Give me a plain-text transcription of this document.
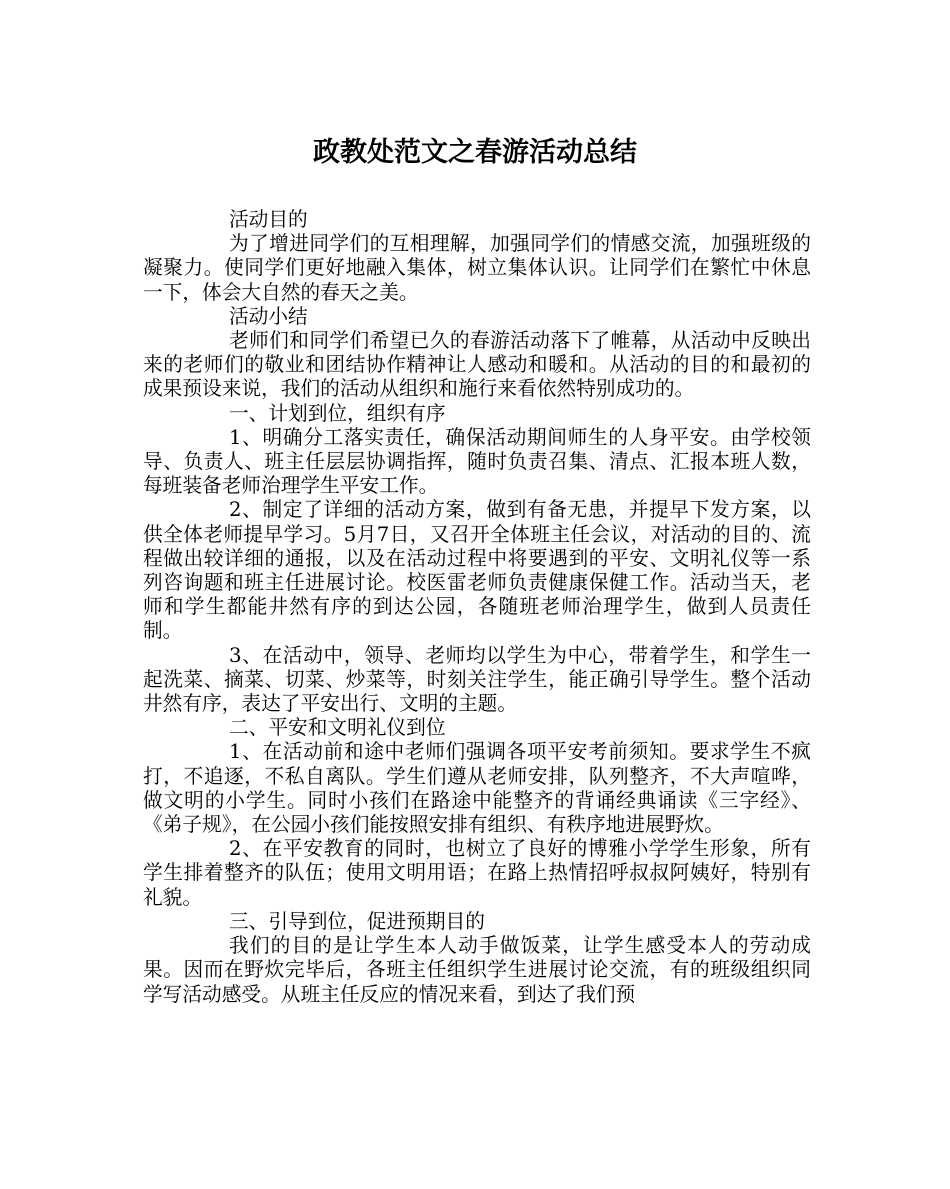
政教处范文之春游活动总结

活动目的

为了增进同学们的互相理解，加强同学们的情感交流，加强班级的凝聚力。使同学们更好地融入集体，树立集体认识。让同学们在繁忙中休息一下，体会大自然的春天之美。

活动小结

老师们和同学们希望已久的春游活动落下了帷幕，从活动中反映出来的老师们的敬业和团结协作精神让人感动和暖和。从活动的目的和最初的成果预设来说，我们的活动从组织和施行来看依然特别成功的。

一、计划到位，组织有序

1、明确分工落实责任，确保活动期间师生的人身平安。由学校领导、负责人、班主任层层协调指挥，随时负责召集、清点、汇报本班人数，每班装备老师治理学生平安工作。

2、制定了详细的活动方案，做到有备无患，并提早下发方案，以供全体老师提早学习。5月7日，又召开全体班主任会议，对活动的目的、流程做出较详细的通报，以及在活动过程中将要遇到的平安、文明礼仪等一系列咨询题和班主任进展讨论。校医雷老师负责健康保健工作。活动当天，老师和学生都能井然有序的到达公园，各随班老师治理学生，做到人员责任制。

3、在活动中，领导、老师均以学生为中心，带着学生，和学生一起洗菜、摘菜、切菜、炒菜等，时刻关注学生，能正确引导学生。整个活动井然有序，表达了平安出行、文明的主题。

二、平安和文明礼仪到位

1、在活动前和途中老师们强调各项平安考前须知。要求学生不疯打，不追逐，不私自离队。学生们遵从老师安排，队列整齐，不大声喧哗，做文明的小学生。同时小孩们在路途中能整齐的背诵经典诵读《三字经》、《弟子规》，在公园小孩们能按照安排有组织、有秩序地进展野炊。

2、在平安教育的同时，也树立了良好的博雅小学学生形象，所有学生排着整齐的队伍；使用文明用语；在路上热情招呼叔叔阿姨好，特别有礼貌。

三、引导到位，促进预期目的

我们的目的是让学生本人动手做饭菜，让学生感受本人的劳动成果。因而在野炊完毕后，各班主任组织学生进展讨论交流，有的班级组织同学写活动感受。从班主任反应的情况来看，到达了我们预
